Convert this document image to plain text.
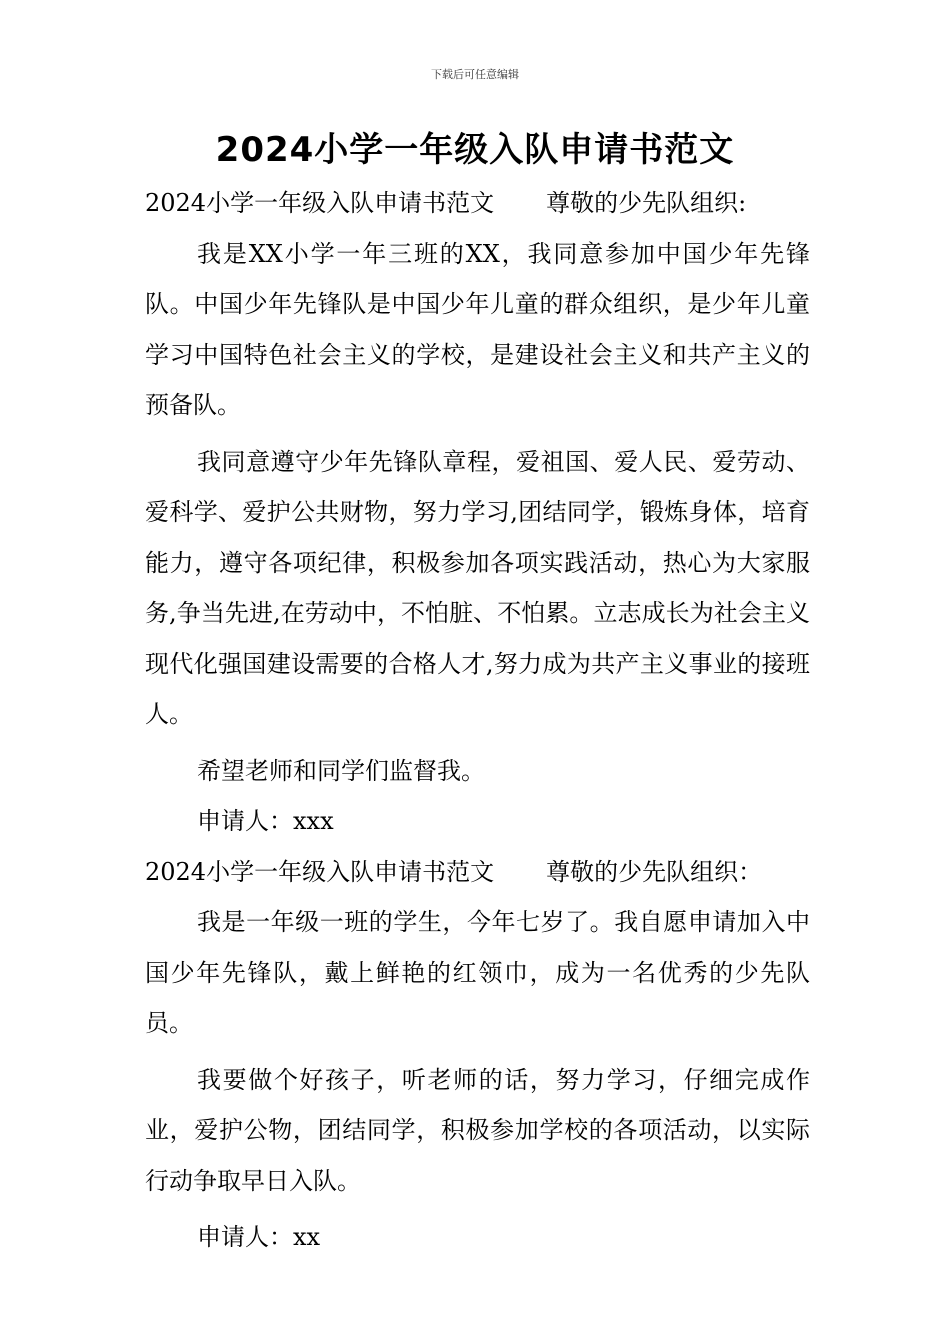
下载后可任意编辑
2024小学一年级入队申请书范文

2024小学一年级入队申请书范文 尊敬的少先队组织:

我是XX小学一年三班的XX，我同意参加中国少年先锋队。中国少年先锋队是中国少年儿童的群众组织，是少年儿童学习中国特色社会主义的学校，是建设社会主义和共产主义的预备队。

我同意遵守少年先锋队章程，爱祖国、爱人民、爱劳动、爱科学、爱护公共财物，努力学习,团结同学，锻炼身体，培育能力，遵守各项纪律，积极参加各项实践活动，热心为大家服务,争当先进,在劳动中，不怕脏、不怕累。立志成长为社会主义现代化强国建设需要的合格人才,努力成为共产主义事业的接班人。

希望老师和同学们监督我。

申请人：xxx

2024小学一年级入队申请书范文 尊敬的少先队组织：

我是一年级一班的学生，今年七岁了。我自愿申请加入中国少年先锋队，戴上鲜艳的红领巾，成为一名优秀的少先队员。

我要做个好孩子，听老师的话，努力学习，仔细完成作业，爱护公物，团结同学，积极参加学校的各项活动，以实际行动争取早日入队。

申请人：xx
